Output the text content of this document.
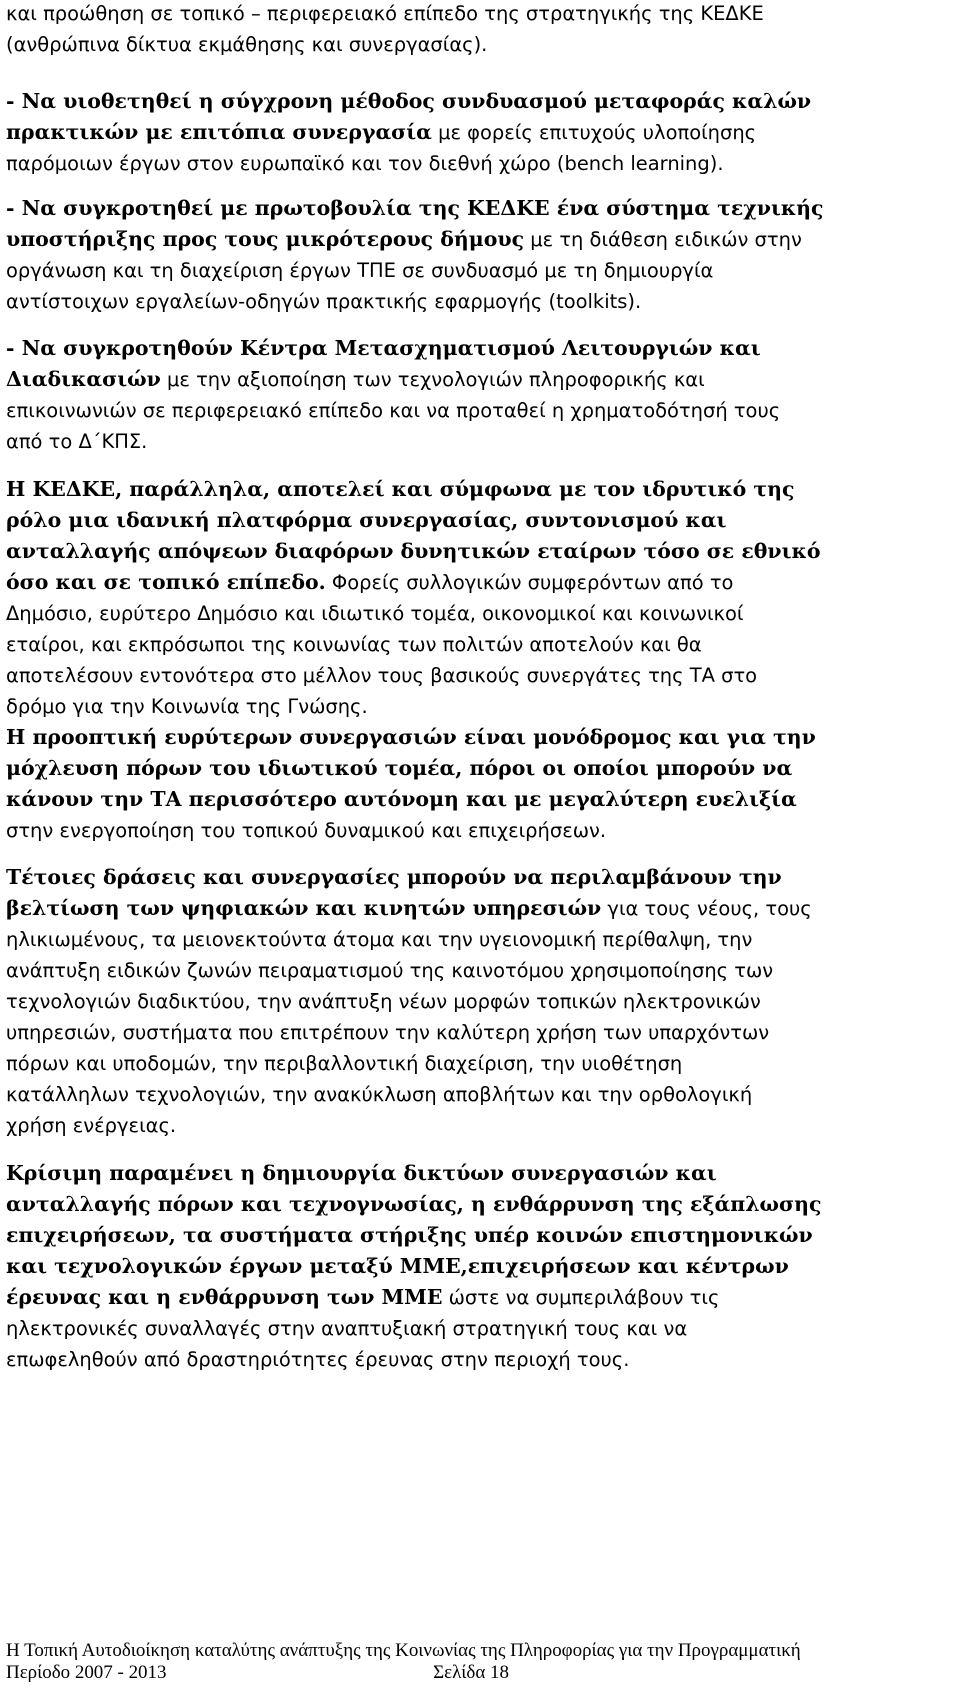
και προώθηση σε τοπικό – περιφερειακό επίπεδο της στρατηγικής της ΚΕΔΚΕ
(ανθρώπινα δίκτυα εκμάθησης και συνεργασίας).
- Να υιοθετηθεί η σύγχρονη μέθοδος συνδυασμού μεταφοράς καλών
πρακτικών με επιτόπια συνεργασία με φορείς επιτυχούς υλοποίησης
παρόμοιων έργων στον ευρωπαϊκό και τον διεθνή χώρο (bench learning).
- Να συγκροτηθεί με πρωτοβουλία της ΚΕΔΚΕ ένα σύστημα τεχνικής
υποστήριξης προς τους μικρότερους δήμους με τη διάθεση ειδικών στην
οργάνωση και τη διαχείριση έργων ΤΠΕ σε συνδυασμό με τη δημιουργία
αντίστοιχων εργαλείων-οδηγών πρακτικής εφαρμογής (toolkits).
- Να συγκροτηθούν Κέντρα Μετασχηματισμού Λειτουργιών και
Διαδικασιών με την αξιοποίηση των τεχνολογιών πληροφορικής και
επικοινωνιών σε περιφερειακό επίπεδο και να προταθεί η χρηματοδότησή τους
από το Δ΄ΚΠΣ.
Η ΚΕΔΚΕ, παράλληλα, αποτελεί και σύμφωνα με τον ιδρυτικό της
ρόλο μια ιδανική πλατφόρμα συνεργασίας, συντονισμού και
ανταλλαγής απόψεων διαφόρων δυνητικών εταίρων τόσο σε εθνικό
όσο και σε τοπικό επίπεδο. Φορείς συλλογικών συμφερόντων από το
Δημόσιο, ευρύτερο Δημόσιο και ιδιωτικό τομέα, οικονομικοί και κοινωνικοί
εταίροι, και εκπρόσωποι της κοινωνίας των πολιτών αποτελούν και θα
αποτελέσουν εντονότερα στο μέλλον τους βασικούς συνεργάτες της ΤΑ στο
δρόμο για την Κοινωνία της Γνώσης.
Η προοπτική ευρύτερων συνεργασιών είναι μονόδρομος και για την
μόχλευση πόρων του ιδιωτικού τομέα, πόροι οι οποίοι μπορούν να
κάνουν την ΤΑ περισσότερο αυτόνομη και με μεγαλύτερη ευελιξία
στην ενεργοποίηση του τοπικού δυναμικού και επιχειρήσεων.
Τέτοιες δράσεις και συνεργασίες μπορούν να περιλαμβάνουν την
βελτίωση των ψηφιακών και κινητών υπηρεσιών για τους νέους, τους
ηλικιωμένους, τα μειονεκτούντα άτομα και την υγειονομική περίθαλψη, την
ανάπτυξη ειδικών ζωνών πειραματισμού της καινοτόμου χρησιμοποίησης των
τεχνολογιών διαδικτύου, την ανάπτυξη νέων μορφών τοπικών ηλεκτρονικών
υπηρεσιών, συστήματα που επιτρέπουν την καλύτερη χρήση των υπαρχόντων
πόρων και υποδομών, την περιβαλλοντική διαχείριση, την υιοθέτηση
κατάλληλων τεχνολογιών, την ανακύκλωση αποβλήτων και την ορθολογική
χρήση ενέργειας.
Κρίσιμη παραμένει η δημιουργία δικτύων συνεργασιών και
ανταλλαγής πόρων και τεχνογνωσίας, η ενθάρρυνση της εξάπλωσης
επιχειρήσεων, τα συστήματα στήριξης υπέρ κοινών επιστημονικών
και τεχνολογικών έργων μεταξύ ΜΜΕ,επιχειρήσεων και κέντρων
έρευνας και η ενθάρρυνση των ΜΜΕ ώστε να συμπεριλάβουν τις
ηλεκτρονικές συναλλαγές στην αναπτυξιακή στρατηγική τους και να
επωφεληθούν από δραστηριότητες έρευνας στην περιοχή τους.
Η Τοπική Αυτοδιοίκηση καταλύτης ανάπτυξης της Κοινωνίας της Πληροφορίας για την Προγραμματική
Περίοδο 2007 - 2013	Σελίδα 18
